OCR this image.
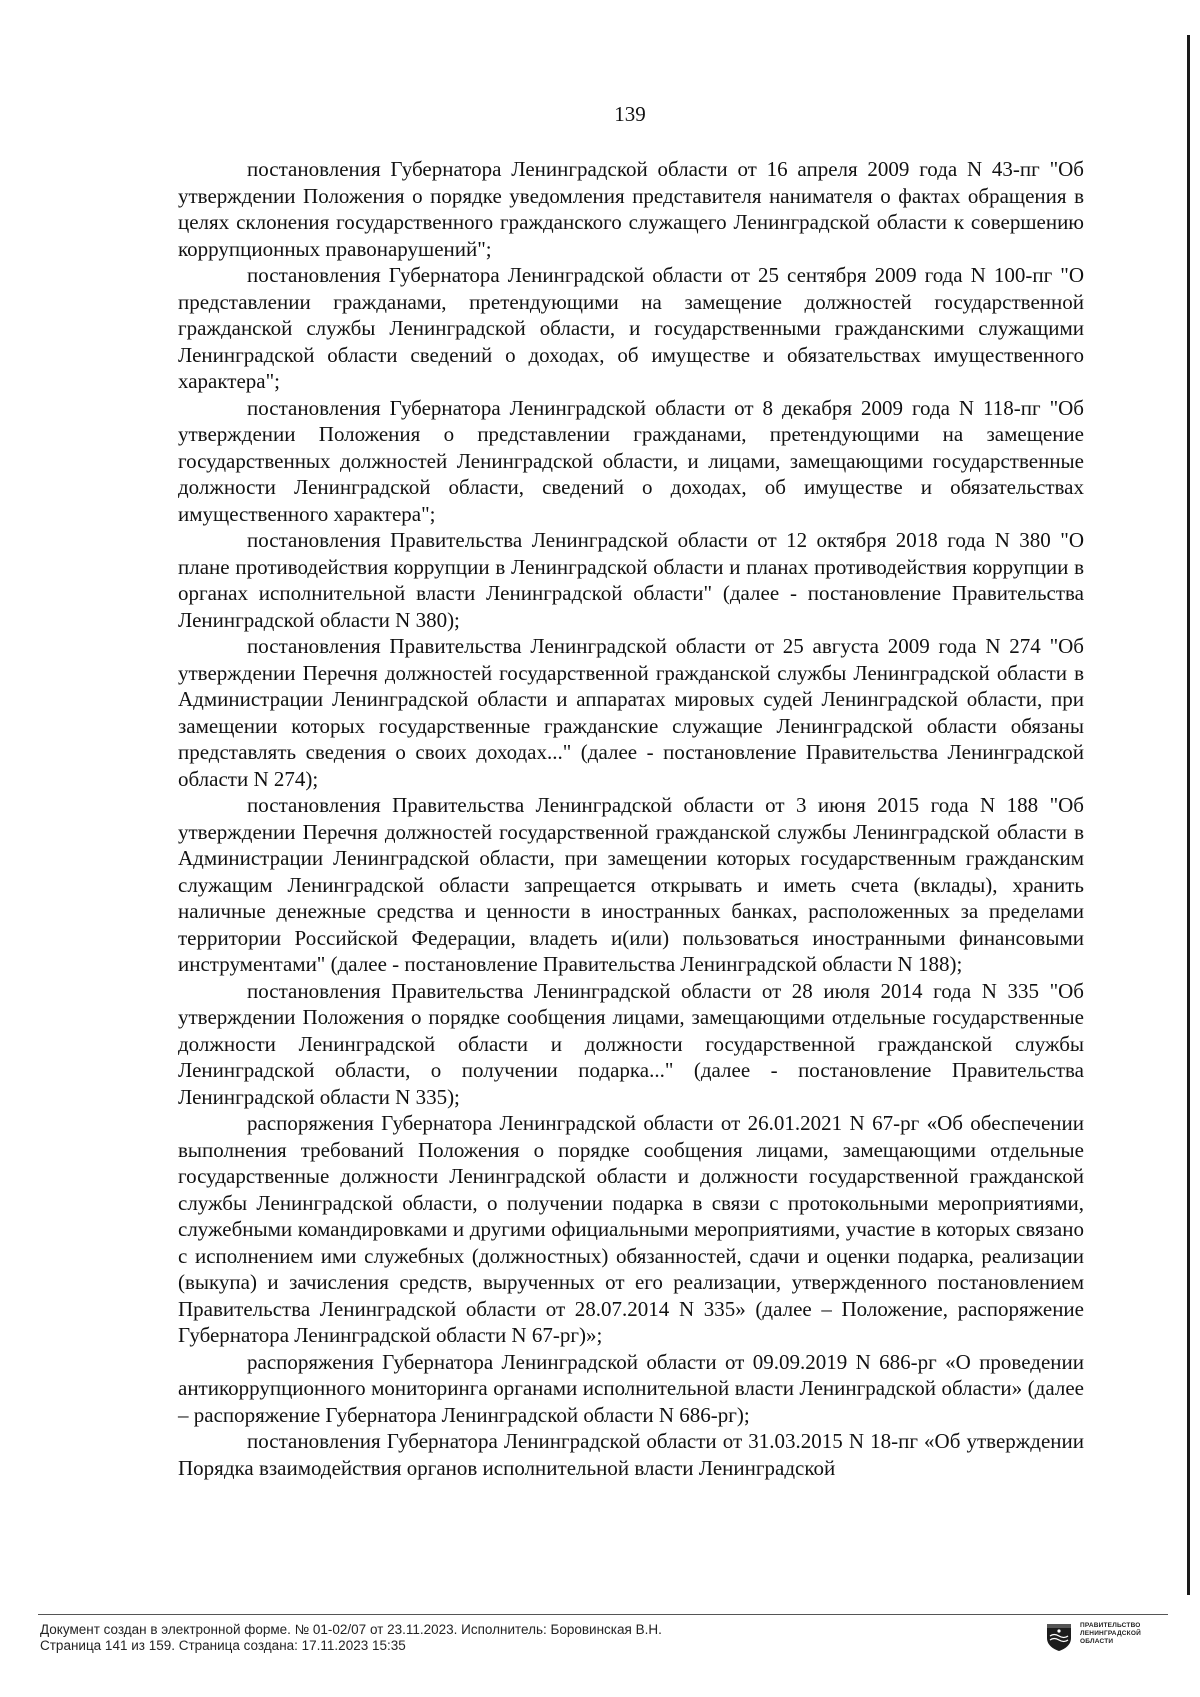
139

постановления Губернатора Ленинградской области от 16 апреля 2009 года N 43-пг "Об утверждении Положения о порядке уведомления представителя нанимателя о фактах обращения в целях склонения государственного гражданского служащего Ленинградской области к совершению коррупционных правонарушений";

постановления Губернатора Ленинградской области от 25 сентября 2009 года N 100-пг "О представлении гражданами, претендующими на замещение должностей государственной гражданской службы Ленинградской области, и государственными гражданскими служащими Ленинградской области сведений о доходах, об имуществе и обязательствах имущественного характера";

постановления Губернатора Ленинградской области от 8 декабря 2009 года N 118-пг "Об утверждении Положения о представлении гражданами, претендующими на замещение государственных должностей Ленинградской области, и лицами, замещающими государственные должности Ленинградской области, сведений о доходах, об имуществе и обязательствах имущественного характера";

постановления Правительства Ленинградской области от 12 октября 2018 года N 380 "О плане противодействия коррупции в Ленинградской области и планах противодействия коррупции в органах исполнительной власти Ленинградской области" (далее - постановление Правительства Ленинградской области N 380);

постановления Правительства Ленинградской области от 25 августа 2009 года N 274 "Об утверждении Перечня должностей государственной гражданской службы Ленинградской области в Администрации Ленинградской области и аппаратах мировых судей Ленинградской области, при замещении которых государственные гражданские служащие Ленинградской области обязаны представлять сведения о своих доходах..." (далее - постановление Правительства Ленинградской области N 274);

постановления Правительства Ленинградской области от 3 июня 2015 года N 188 "Об утверждении Перечня должностей государственной гражданской службы Ленинградской области в Администрации Ленинградской области, при замещении которых государственным гражданским служащим Ленинградской области запрещается открывать и иметь счета (вклады), хранить наличные денежные средства и ценности в иностранных банках, расположенных за пределами территории Российской Федерации, владеть и(или) пользоваться иностранными финансовыми инструментами" (далее - постановление Правительства Ленинградской области N 188);

постановления Правительства Ленинградской области от 28 июля 2014 года N 335 "Об утверждении Положения о порядке сообщения лицами, замещающими отдельные государственные должности Ленинградской области и должности государственной гражданской службы Ленинградской области, о получении подарка..." (далее - постановление Правительства Ленинградской области N 335);

распоряжения Губернатора Ленинградской области от 26.01.2021 N 67-рг «Об обеспечении выполнения требований Положения о порядке сообщения лицами, замещающими отдельные государственные должности Ленинградской области и должности государственной гражданской службы Ленинградской области, о получении подарка в связи с протокольными мероприятиями, служебными командировками и другими официальными мероприятиями, участие в которых связано с исполнением ими служебных (должностных) обязанностей, сдачи и оценки подарка, реализации (выкупа) и зачисления средств, вырученных от его реализации, утвержденного постановлением Правительства Ленинградской области от 28.07.2014 N 335» (далее – Положение, распоряжение Губернатора Ленинградской области N 67-рг)»;

распоряжения Губернатора Ленинградской области от 09.09.2019 N 686-рг «О проведении антикоррупционного мониторинга органами исполнительной власти Ленинградской области» (далее – распоряжение Губернатора Ленинградской области N 686-рг);

постановления Губернатора Ленинградской области от 31.03.2015 N 18-пг «Об утверждении Порядка взаимодействия органов исполнительной власти Ленинградской

Документ создан в электронной форме. № 01-02/07 от 23.11.2023. Исполнитель: Боровинская В.Н.
Страница 141 из 159. Страница создана: 17.11.2023 15:35
ПРАВИТЕЛЬСТВО
ЛЕНИНГРАДСКОЙ
ОБЛАСТИ
